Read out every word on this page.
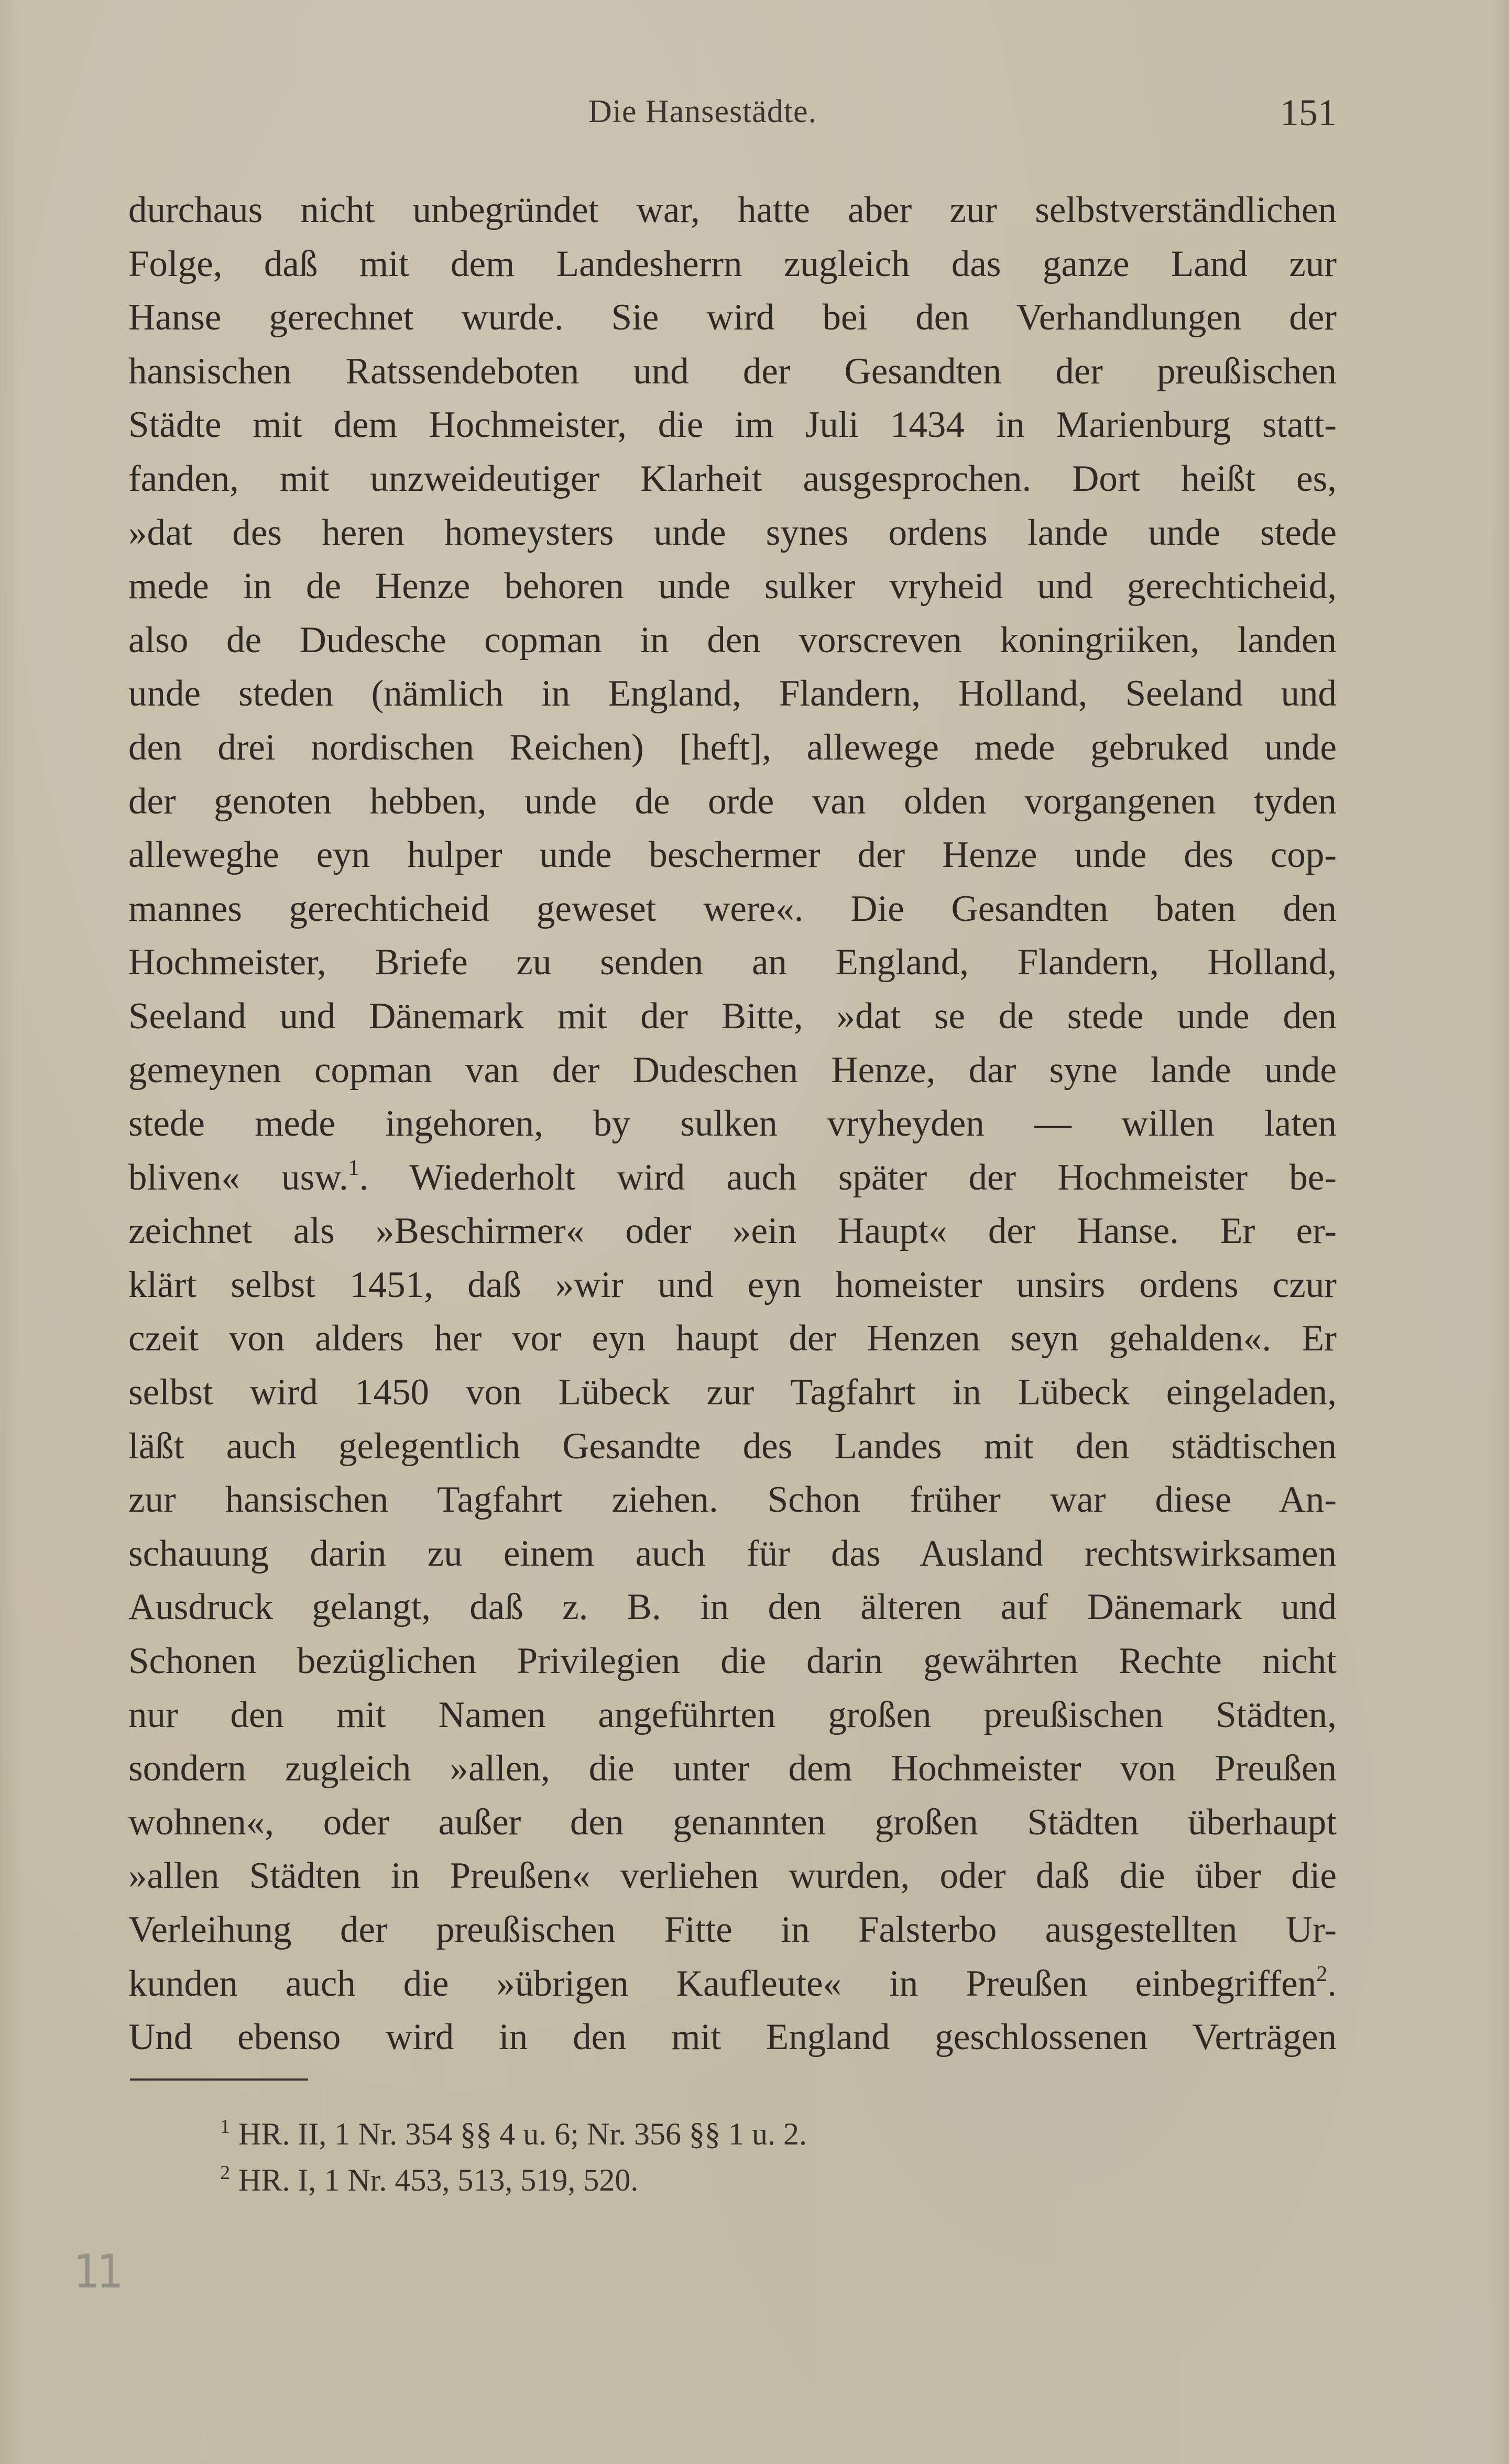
Die Hansestädte.	151
durchaus nicht unbegründet war, hatte aber zur selbstverständlichen
Folge, daß mit dem Landesherrn zugleich das ganze Land zur
Hanse gerechnet wurde. Sie wird bei den Verhandlungen der
hansischen Ratssendeboten und der Gesandten der preußischen
Städte mit dem Hochmeister, die im Juli 1434 in Marienburg statt-
fanden, mit unzweideutiger Klarheit ausgesprochen. Dort heißt es,
»dat des heren homeysters unde synes ordens lande unde stede
mede in de Henze behoren unde sulker vryheid und gerechticheid,
also de Dudesche copman in den vorscreven koningriiken, landen
unde steden (nämlich in England, Flandern, Holland, Seeland und
den drei nordischen Reichen) [heft], allewege mede gebruked unde
der genoten hebben, unde de orde van olden vorgangenen tyden
alleweghe eyn hulper unde beschermer der Henze unde des cop-
mannes gerechticheid geweset were«. Die Gesandten baten den
Hochmeister, Briefe zu senden an England, Flandern, Holland,
Seeland und Dänemark mit der Bitte, »dat se de stede unde den
gemeynen copman van der Dudeschen Henze, dar syne lande unde
stede mede ingehoren, by sulken vryheyden — willen laten
bliven« usw.$^1$. Wiederholt wird auch später der Hochmeister be-
zeichnet als »Beschirmer« oder »ein Haupt« der Hanse. Er er-
klärt selbst 1451, daß »wir und eyn homeister unsirs ordens czur
czeit von alders her vor eyn haupt der Henzen seyn gehalden«. Er
selbst wird 1450 von Lübeck zur Tagfahrt in Lübeck eingeladen,
läßt auch gelegentlich Gesandte des Landes mit den städtischen
zur hansischen Tagfahrt ziehen. Schon früher war diese An-
schauung darin zu einem auch für das Ausland rechtswirksamen
Ausdruck gelangt, daß z. B. in den älteren auf Dänemark und
Schonen bezüglichen Privilegien die darin gewährten Rechte nicht
nur den mit Namen angeführten großen preußischen Städten,
sondern zugleich »allen, die unter dem Hochmeister von Preußen
wohnen«, oder außer den genannten großen Städten überhaupt
»allen Städten in Preußen« verliehen wurden, oder daß die über die
Verleihung der preußischen Fitte in Falsterbo ausgestellten Ur-
kunden auch die »übrigen Kaufleute« in Preußen einbegriffen$^2$.
Und ebenso wird in den mit England geschlossenen Verträgen
$^1$ HR. II, 1 Nr. 354 §§ 4 u. 6; Nr. 356 §§ 1 u. 2.
$^2$ HR. I, 1 Nr. 453, 513, 519, 520.
11
